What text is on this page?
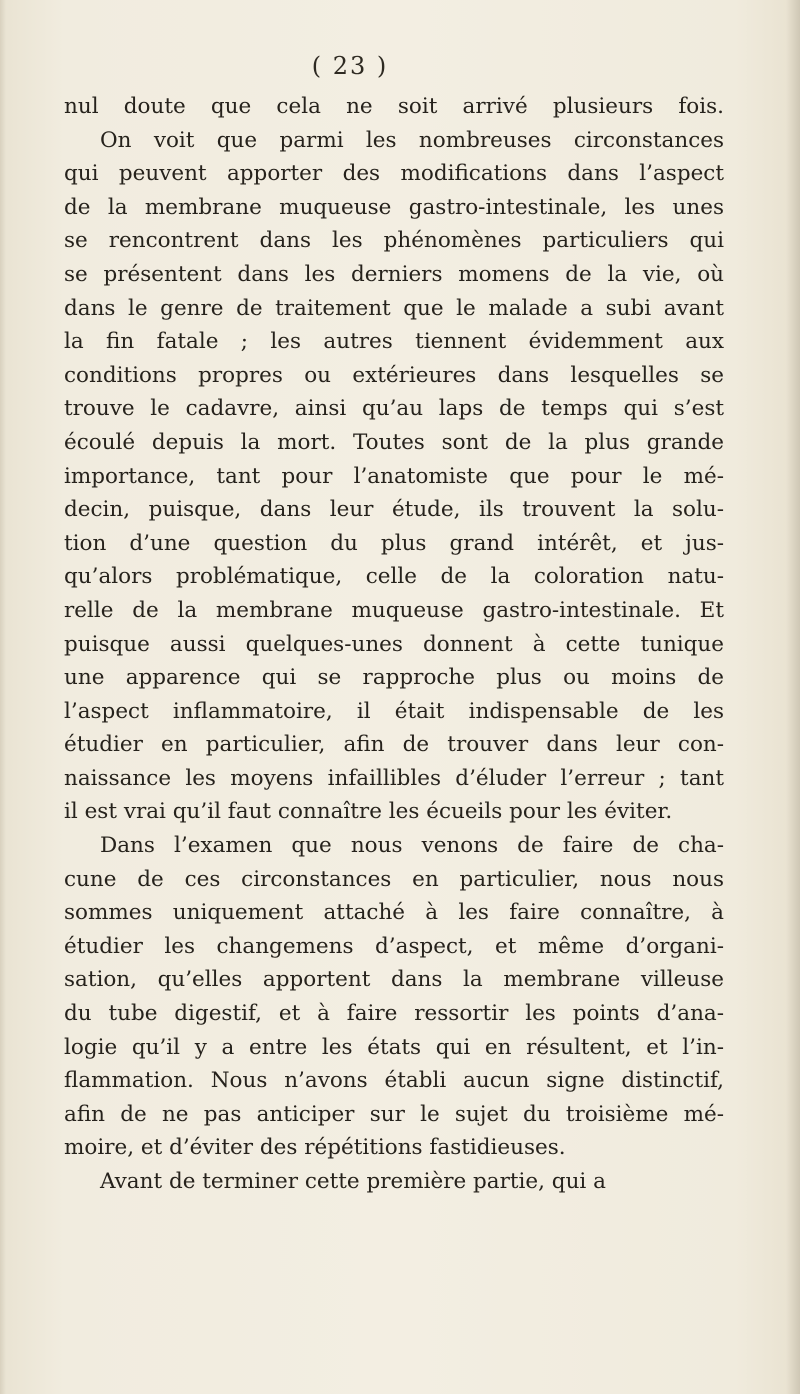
( 23 )
nul doute que cela ne soit arrivé plusieurs fois.
On voit que parmi les nombreuses circonstances
qui peuvent apporter des modifications dans l’aspect
de la membrane muqueuse gastro-intestinale, les unes
se rencontrent dans les phénomènes particuliers qui
se présentent dans les derniers momens de la vie, où
dans le genre de traitement que le malade a subi avant
la fin fatale ; les autres tiennent évidemment aux
conditions propres ou extérieures dans lesquelles se
trouve le cadavre, ainsi qu’au laps de temps qui s’est
écoulé depuis la mort. Toutes sont de la plus grande
importance, tant pour l’anatomiste que pour le mé-
decin, puisque, dans leur étude, ils trouvent la solu-
tion d’une question du plus grand intérêt, et jus-
qu’alors problématique, celle de la coloration natu-
relle de la membrane muqueuse gastro-intestinale. Et
puisque aussi quelques-unes donnent à cette tunique
une apparence qui se rapproche plus ou moins de
l’aspect inflammatoire, il était indispensable de les
étudier en particulier, afin de trouver dans leur con-
naissance les moyens infaillibles d’éluder l’erreur ; tant
il est vrai qu’il faut connaître les écueils pour les éviter.
Dans l’examen que nous venons de faire de cha-
cune de ces circonstances en particulier, nous nous
sommes uniquement attaché à les faire connaître, à
étudier les changemens d’aspect, et même d’organi-
sation, qu’elles apportent dans la membrane villeuse
du tube digestif, et à faire ressortir les points d’ana-
logie qu’il y a entre les états qui en résultent, et l’in-
flammation. Nous n’avons établi aucun signe distinctif,
afin de ne pas anticiper sur le sujet du troisième mé-
moire, et d’éviter des répétitions fastidieuses.
Avant de terminer cette première partie, qui a
